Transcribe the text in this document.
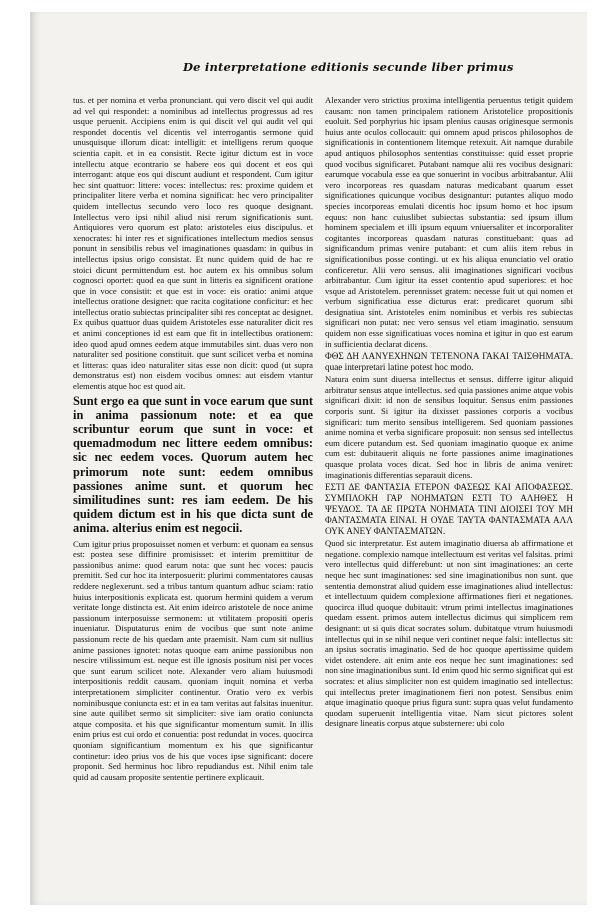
De interpretatione editionis secunde liber primus

tus. et per nomina et verba pronunciant. qui vero discit vel qui audit ad vel qui respondet: a nominibus ad intellectus progressus ad res usque peruenit. Accipiens enim is qui discit vel qui audit vel qui respondet docentis vel dicentis vel interrogantis sermone quid unusquisque illorum dicat: intelligit: et intelligens rerum quoque scientia capit. et in ea consistit. Recte igitur dictum est in voce intellectu atque econtrario se habere eos qui docent et eos qui interrogant: atque eos qui discunt audiunt et respondent. Cum igitur hec sint quattuor: littere: voces: intellectus: res: proxime quidem et principaliter litere verba et nomina significat: hec vero principaliter quidem intellectus secundo vero loco res quoque designant. Intellectus vero ipsi nihil aliud nisi rerum significationis sunt. Antiquiores vero quorum est plato: aristoteles eius discipulus. et xenocrates: hi inter res et significationes intellectum medios sensus ponunt in sensibilis rebus vel imaginationes quasdam: in quibus in intellectus ipsius origo consistat. Et nunc quidem quid de hac re stoici dicunt permittendum est. hoc autem ex his omnibus solum cognosci oportet: quod ea que sunt in litteris ea significent oratione que in voce consistit: et que est in voce: eis oratio: animi atque intellectus oratione designet: que racita cogitatione conficitur: et hec intellectus oratio subiectas principaliter sibi res conceptat ac designet. Ex quibus quattuor duas quidem Aristoteles esse naturaliter dicit res et animi conceptiones id est eam que fit in intellectibus orationem: ideo quod apud omnes eedem atque immutabiles sint. duas vero non naturaliter sed positione constituit. que sunt scilicet verba et nomina et litteras: quas ideo naturaliter sitas esse non dicit: quod (ut supra demonstratus est) non eisdem vocibus omnes: aut eisdem vtantur elementis atque hoc est quod ait.

Sunt ergo ea que sunt in voce earum que sunt in anima passionum note: et ea que scribuntur eorum que sunt in voce: et quemadmodum nec littere eedem omnibus: sic nec eedem voces. Quorum autem hec primorum note sunt: eedem omnibus passiones anime sunt. et quorum hec similitudines sunt: res iam eedem. De his quidem dictum est in his que dicta sunt de anima. alterius enim est negocii.

Cum igitur prius proposuisset nomen et verbum: et quonam ea sensus est: postea sese diffinire promisisset: et interim premittitur de passionibus anime: quod earum nota: que sunt hec voces: paucis premitit. Sed cur hoc ita interposuerit: plurimi commentatores causas reddere neglexerunt. sed a tribus tantum quantum adhuc sciam: ratio huius interpositionis explicata est. quorum hermini quidem a verum veritate longe distincta est. Ait enim ideirco aristotele de noce anime passionum interposuisse sermonem: ut vtilitatem propositi operis inueniatur. Disputaturus enim de vocibus que sunt note anime passionum recte de his quedam ante praemisit. Nam cum sit nullius anime passiones ignotet: notas quoque eam anime passionibus non nescire vtilissimum est. neque est ille ignosis positum nisi per voces que sunt earum scilicet note. Alexander vero aliam huiusmodi interpositionis reddit causam. quoniam inquit nomina et verba interpretationem simpliciter continentur. Oratio vero ex verbis nominibusque coniuncta est: et in ea tam veritas aut falsitas inuenitur. sine aute quilibet sermo sit simpliciter: sive iam oratio coniuncta atque composita. et his que significantur momentum sumit. In illis enim prius est cui ordo et conuentia: post redundat in voces. quocirca quoniam significantium momentum ex his que significantur continetur: ideo prius vos de his que voces ipse significant: docere proponit. Sed herminus hoc libro repudiandus est. Nihil enim tale quid ad causam proposite sententie pertinere explicauit.

Alexander vero strictius proxima intelligentia peruentus tetigit quidem causam: non tamen principalem rationem Aristotelice propositionis euoluit. Sed porphyrius hic ipsam plenius causas originesque sermonis huius ante oculos collocauit: qui omnem apud priscos philosophos de significationis in contentionem litemque retexuit. Ait namque durabile apud antiquos philosophos sententias constituisse: quid esset proprie quod vocibus significaret. Putabant namque alii res vocibus designari: earumque vocabula esse ea que sonuerint in vocibus arbitrabantur. Alii vero incorporeas res quasdam naturas medicabant quarum esset significationes quicunque vocibus designantur: putantes aliquo modo species incorporeas emulati dicentis hoc ipsum homo et hoc ipsum equus: non hanc cuiuslibet subiectas substantia: sed ipsum illum hominem specialem et illi ipsum equum vniuersaliter et incorporaliter cogitantes incorporeas quasdam naturas constituebant: quas ad significandum primas venire putabant: et cum aliis item rebus in significationibus posse contingi. ut ex his aliqua enunciatio vel oratio conficeretur. Alii vero sensus. alii imaginationes significari vocibus arbitrabantur. Cum igitur ita esset contentio apud superiores: et hoc vsque ad Aristotelem. perennisset gratem: necesse fuit ut qui nomen et verbum significatiua esse dicturus erat: predicaret quorum sibi designatiua sint. Aristoteles enim nominibus et verbis res subiectas significari non putat: nec vero sensus vel etiam imaginatio. sensuum quidem non esse significatiuas voces nomina et igitur in quo est earum in sufficientia declarat dicens.

ΦΘΣ ΔΗ ΛΑΝΥΕΧΗΝΩΝ ΤΕΤΕΝΟΝΑ ΓΑΚΑΙ ΤΑΙΣΘΗΜΑΤΑ. quae interpretari latine potest hoc modo.

Natura enim sunt diuersa intellectus et sensus. differre igitur aliquid arbitratur sensus atque intellectus. sed quia passiones anime atque vobis significari dixit: id non de sensibus loquitur. Sensus enim passiones corporis sunt. Si igitur ita dixisset passiones corporis a vocibus significari: tum merito sensibus intelligerem. Sed quoniam passiones anime nomina et verba significare proposuit: non sensus sed intellectus eum dicere putandum est. Sed quoniam imaginatio quoque ex anime cum est: dubitauerit aliquis ne forte passiones anime imaginationes quasque prolata voces dicat. Sed hoc in libris de anima veniret: imaginationis differentias separauit dicens.

ΕΣΤΙ ΔΕ ΦΑΝΤΑΣΙΑ ΕΤΕΡΟΝ ΦΑΣΕΩΣ ΚΑΙ ΑΠΟΦΑΣΕΩΣ. ΣΥΜΠΛΟΚΗ ΓΑΡ ΝΟΗΜΑΤΩΝ ΕΣΤΙ ΤΟ ΑΛΗΘΕΣ Η ΨΕΥΔΟΣ. ΤΑ ΔΕ ΠΡΩΤΑ ΝΟΗΜΑΤΑ ΤΙΝΙ ΔΙΟΙΣΕΙ ΤΟΥ ΜΗ ΦΑΝΤΑΣΜΑΤΑ ΕΙΝΑΙ. Η ΟΥΔΕ ΤΑΥΤΑ ΦΑΝΤΑΣΜΑΤΑ ΑΛΛ ΟΥΚ ΑΝΕΥ ΦΑΝΤΑΣΜΑΤΩΝ.

Quod sic interpretatur. Est autem imaginatio diuersa ab affirmatione et negatione. complexio namque intellectuum est veritas vel falsitas. primi vero intellectus quid differebunt: ut non sint imaginationes: an certe neque hec sunt imaginationes: sed sine imaginationibus non sunt. que sententia demonstrat aliud quidem esse imaginationes aliud intellectus: et intellectuum quidem complexione affirmationes fieri et negationes. quocirca illud quoque dubitauit: vtrum primi intellectus imaginationes quedam essent. primos autem intellectus dicimus qui simplicem rem designant: ut si quis dicat socrates solum. dubitatque vtrum huiusmodi intellectus qui in se nihil neque veri continet neque falsi: intellectus sit: an ipsius socratis imaginatio. Sed de hoc quoque apertissime quidem videt ostendere. ait enim ante eos neque hec sunt imaginationes: sed non sine imaginationibus sunt. Id enim quod hic sermo significat qui est socrates: et alius simpliciter non est quidem imaginatio sed intellectus: qui intellectus preter imaginationem fieri non potest. Sensibus enim atque imaginatio quoque prius figura sunt: supra quas velut fundamento quodam superuenit intelligentia vitae. Nam sicut pictores solent designare lineatis corpus atque substernere: ubi colo
